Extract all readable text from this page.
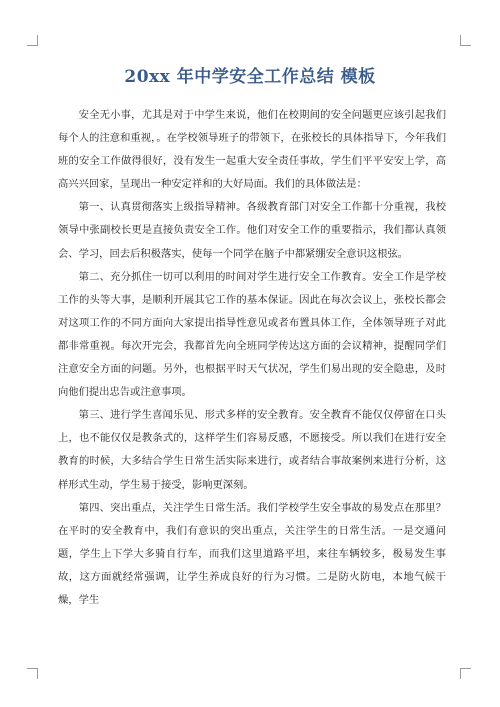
20xx 年中学安全工作总结 模板

安全无小事，尤其是对于中学生来说，他们在校期间的安全问题更应该引起我们每个人的注意和重视，。在学校领导班子的带领下，在张校长的具体指导下，今年我们班的安全工作做得很好，没有发生一起重大安全责任事故，学生们平平安安上学，高高兴兴回家，呈现出一种安定祥和的大好局面。我们的具体做法是：

第一、认真贯彻落实上级指导精神。各级教育部门对安全工作都十分重视，我校领导中张副校长更是直接负责安全工作。他们对安全工作的重要指示，我们都认真领会、学习，回去后积极落实，使每一个同学在脑子中都紧绷安全意识这根弦。

第二、充分抓住一切可以利用的时间对学生进行安全工作教育。安全工作是学校工作的头等大事，是顺利开展其它工作的基本保证。因此在每次会议上，张校长都会对这项工作的不同方面向大家提出指导性意见或者布置具体工作，全体领导班子对此都非常重视。每次开完会，我都首先向全班同学传达这方面的会议精神，提醒同学们注意安全方面的问题。另外，也根据平时天气状况，学生们易出现的安全隐患，及时向他们提出忠告或注意事项。

第三、进行学生喜闻乐见、形式多样的安全教育。安全教育不能仅仅停留在口头上，也不能仅仅是教条式的，这样学生们容易反感，不愿接受。所以我们在进行安全教育的时候，大多结合学生日常生活实际来进行，或者结合事故案例来进行分析，这样形式生动，学生易于接受，影响更深刻。

第四、突出重点，关注学生日常生活。我们学校学生安全事故的易发点在那里？在平时的安全教育中，我们有意识的突出重点，关注学生的日常生活。一是交通问题，学生上下学大多骑自行车，而我们这里道路平坦，来往车辆较多，极易发生事故，这方面就经常强调，让学生养成良好的行为习惯。二是防火防电，本地气候干燥，学生
